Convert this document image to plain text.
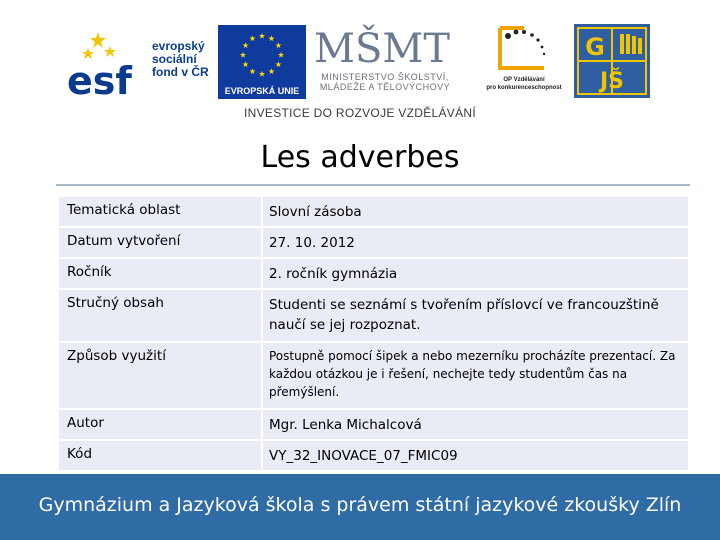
esf
evropský
sociální
fond v ČR
EVROPSKÁ UNIE
MŠMT
MINISTERSTVO ŠKOLSTVÍ,
MLÁDEŽE A TĚLOVÝCHOVY
OP Vzdělávání
pro konkurenceschopnost
G
JŠ
INVESTICE DO ROZVOJE VZDĚLÁVÁNÍ
Les adverbes
Tematická oblast	Slovní zásoba
Datum vytvoření	27. 10. 2012
Ročník	2. ročník gymnázia
Stručný obsah	Studenti se seznámí s tvořením příslovcí ve francouzštině naučí se jej rozpoznat.
Způsob využití	Postupně pomocí šipek a nebo mezerníku procházíte prezentací. Za každou otázkou je i řešení, nechejte tedy studentům čas na přemýšlení.
Autor	Mgr. Lenka Michalcová
Kód	VY_32_INOVACE_07_FMIC09
Gymnázium a Jazyková škola s právem státní jazykové zkoušky Zlín
